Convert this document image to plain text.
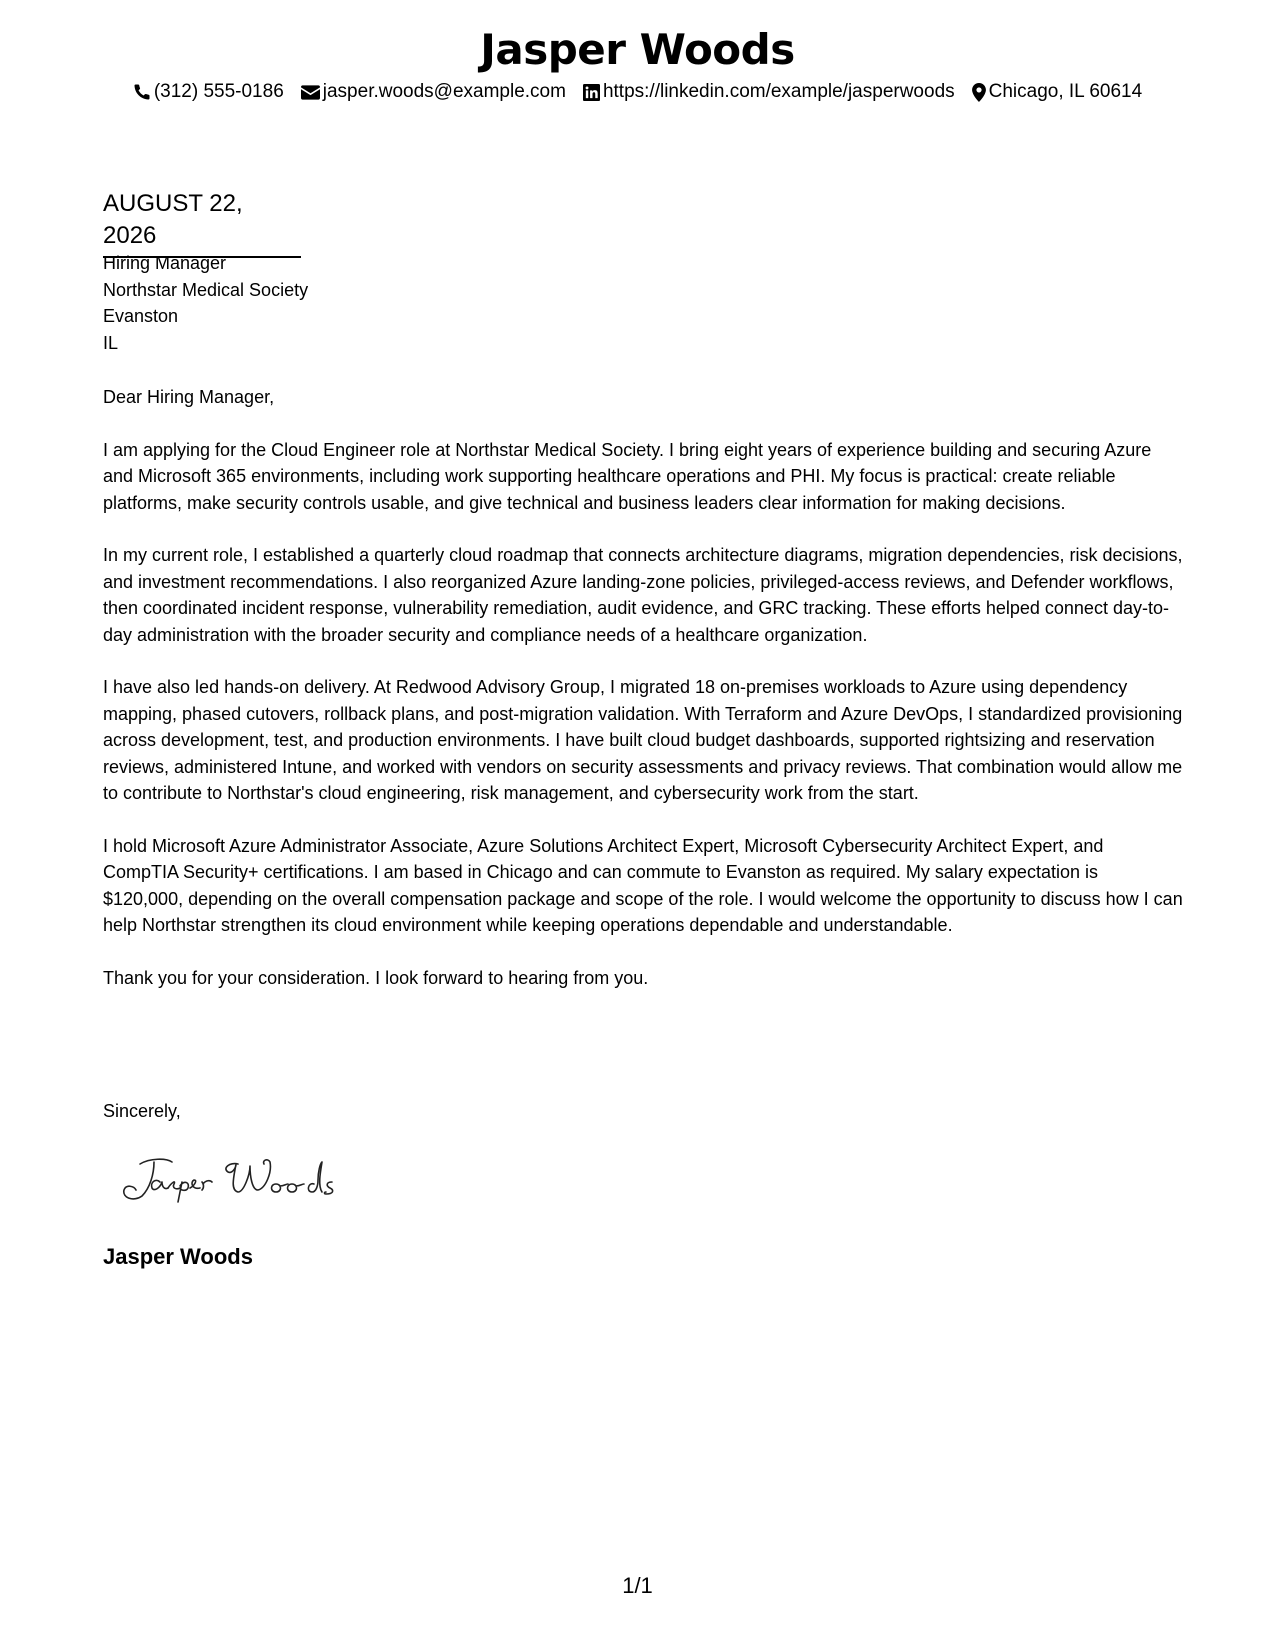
Jasper Woods
(312) 555-0186 jasper.woods@example.com https://linkedin.com/example/jasperwoods Chicago, IL 60614
AUGUST 22, 2026
Hiring Manager
Northstar Medical Society
Evanston
IL

Dear Hiring Manager,

I am applying for the Cloud Engineer role at Northstar Medical Society. I bring eight years of experience building and securing Azure and Microsoft 365 environments, including work supporting healthcare operations and PHI. My focus is practical: create reliable platforms, make security controls usable, and give technical and business leaders clear information for making decisions.

In my current role, I established a quarterly cloud roadmap that connects architecture diagrams, migration dependencies, risk decisions, and investment recommendations. I also reorganized Azure landing-zone policies, privileged-access reviews, and Defender workflows, then coordinated incident response, vulnerability remediation, audit evidence, and GRC tracking. These efforts helped connect day-to-day administration with the broader security and compliance needs of a healthcare organization.

I have also led hands-on delivery. At Redwood Advisory Group, I migrated 18 on-premises workloads to Azure using dependency mapping, phased cutovers, rollback plans, and post-migration validation. With Terraform and Azure DevOps, I standardized provisioning across development, test, and production environments. I have built cloud budget dashboards, supported rightsizing and reservation reviews, administered Intune, and worked with vendors on security assessments and privacy reviews. That combination would allow me to contribute to Northstar's cloud engineering, risk management, and cybersecurity work from the start.

I hold Microsoft Azure Administrator Associate, Azure Solutions Architect Expert, Microsoft Cybersecurity Architect Expert, and CompTIA Security+ certifications. I am based in Chicago and can commute to Evanston as required. My salary expectation is $120,000, depending on the overall compensation package and scope of the role. I would welcome the opportunity to discuss how I can help Northstar strengthen its cloud environment while keeping operations dependable and understandable.

Thank you for your consideration. I look forward to hearing from you.

Sincerely,
Jasper Woods
1/1
